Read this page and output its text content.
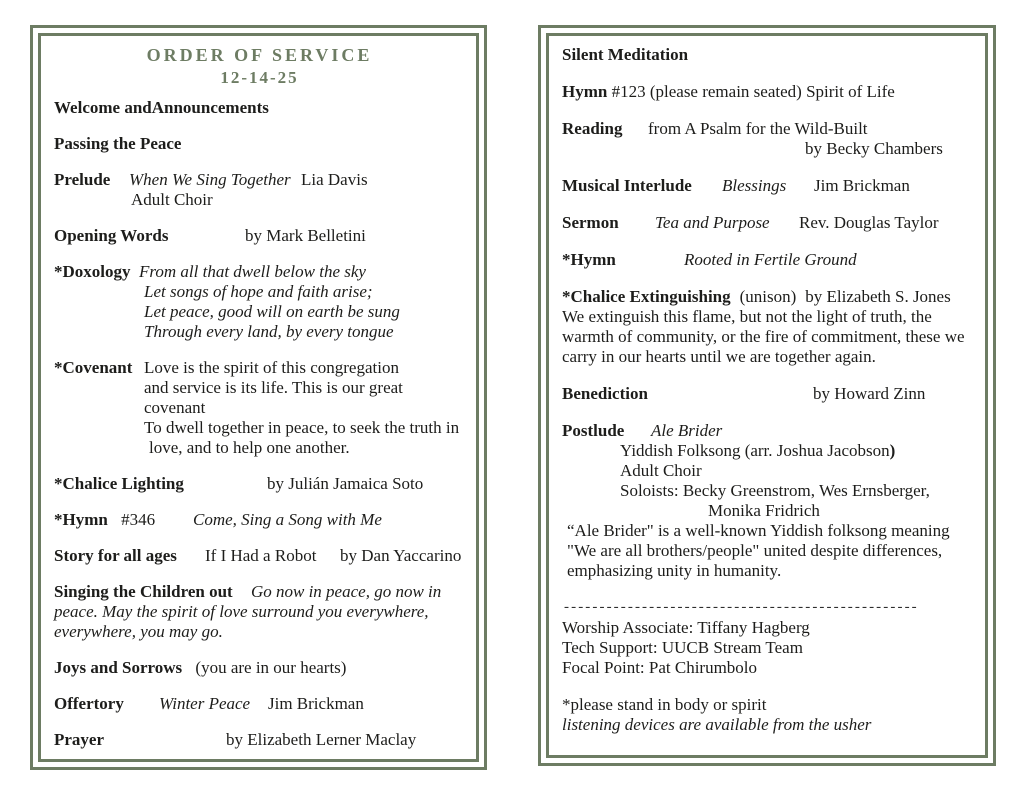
ORDER OF SERVICE
12-14-25
Welcome andAnnouncements
Passing the Peace
Prelude When We Sing Together Lia Davis
Adult Choir
Opening Words	by Mark Belletini
*Doxology From all that dwell below the sky
Let songs of hope and faith arise;
Let peace, good will on earth be sung
Through every land, by every tongue
*Covenant Love is the spirit of this congregation
and service is its life. This is our great covenant
To dwell together in peace, to seek the truth in
love, and to help one another.
*Chalice Lighting	by Julián Jamaica Soto
*Hymn #346 Come, Sing a Song with Me
Story for all ages If I Had a Robot by Dan Yaccarino
Singing the Children out Go now in peace, go now in peace. May the spirit of love surround you everywhere, everywhere, you may go.
Joys and Sorrows (you are in our hearts)
Offertory Winter Peace Jim Brickman
Prayer	by Elizabeth Lerner Maclay
Silent Meditation
Hymn #123 (please remain seated) Spirit of Life
Reading from A Psalm for the Wild-Built
by Becky Chambers
Musical Interlude Blessings Jim Brickman
Sermon Tea and Purpose Rev. Douglas Taylor
*Hymn	Rooted in Fertile Ground
*Chalice Extinguishing (unison) by Elizabeth S. Jones
We extinguish this flame, but not the light of truth, the warmth of community, or the fire of commitment, these we carry in our hearts until we are together again.
Benediction	by Howard Zinn
Postlude Ale Brider
Yiddish Folksong (arr. Joshua Jacobson)
Adult Choir
Soloists: Becky Greenstrom, Wes Ernsberger,
Monika Fridrich
“Ale Brider" is a well-known Yiddish folksong meaning "We are all brothers/people" united despite differences, emphasizing unity in humanity.
--------------------------------------------------
Worship Associate: Tiffany Hagberg
Tech Support: UUCB Stream Team
Focal Point: Pat Chirumbolo
*please stand in body or spirit
listening devices are available from the usher
